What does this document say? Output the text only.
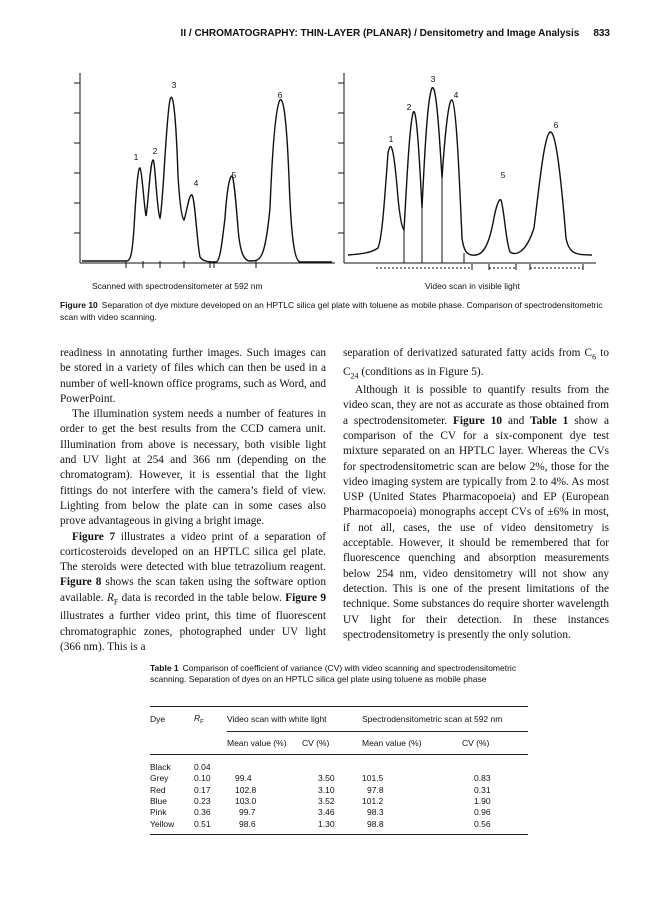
II / CHROMATOGRAPHY: THIN-LAYER (PLANAR) / Densitometry and Image Analysis 833
1
2
3
4
5
6
Scanned with spectrodensitometer at 592 nm
1
2
3
4
5
6
Video scan in visible light
Figure 10 Separation of dye mixture developed on an HPTLC silica gel plate with toluene as mobile phase. Comparison of spectrodensitometric scan with video scanning.

readiness in annotating further images. Such images can be stored in a variety of files which can then be used in a number of well-known office programs, such as Word, and PowerPoint.

The illumination system needs a number of features in order to get the best results from the CCD camera unit. Illumination from above is necessary, both visible light and UV light at 254 and 366 nm (depending on the chromatogram). However, it is essential that the light fittings do not interfere with the camera’s field of view. Lighting from below the plate can in some cases also prove advantageous in giving a bright image.

Figure 7 illustrates a video print of a separation of corticosteroids developed on an HPTLC silica gel plate. The steroids were detected with blue tetrazolium reagent. Figure 8 shows the scan taken using the software option available. $R_F$ data is recorded in the table below. Figure 9 illustrates a further video print, this time of fluorescent chromatographic zones, photographed under UV light (366 nm). This is a

separation of derivatized saturated fatty acids from $C_6$ to $C_{24}$ (conditions as in Figure 5).

Although it is possible to quantify results from the video scan, they are not as accurate as those obtained from a spectrodensitometer. Figure 10 and Table 1 show a comparison of the CV for a six-component dye test mixture separated on an HPTLC layer. Whereas the CVs for spectrodensitometric scan are below 2%, those for the video imaging system are typically from 2 to 4%. As most USP (United States Pharmacopoeia) and EP (European Pharmacopoeia) monographs accept CVs of ±6% in most, if not all, cases, the use of video densitometry is acceptable. However, it should be remembered that for fluorescence quenching and absorption measurements below 254 nm, video densitometry will not show any detection. This is one of the present limitations of the technique. Some substances do require shorter wavelength UV light for their detection. In these instances spectrodensitometry is presently the only solution.

Table 1 Comparison of coefficient of variance (CV) with video scanning and spectrodensitometric scanning. Separation of dyes on an HPTLC silica gel plate using toluene as mobile phase
Dye	$R_F$	Video scan with white light		Spectrodensitometric scan at 592 nm	
		Mean value (%)	CV (%)	Mean value (%)	CV (%)
Black	0.04				
Grey	0.10	99.4	3.50	101.5	0.83
Red	0.17	102.8	3.10	97.8	0.31
Blue	0.23	103.0	3.52	101.2	1.90
Pink	0.36	99.7	3.46	98.3	0.96
Yellow	0.51	98.6	1.30	98.8	0.56
